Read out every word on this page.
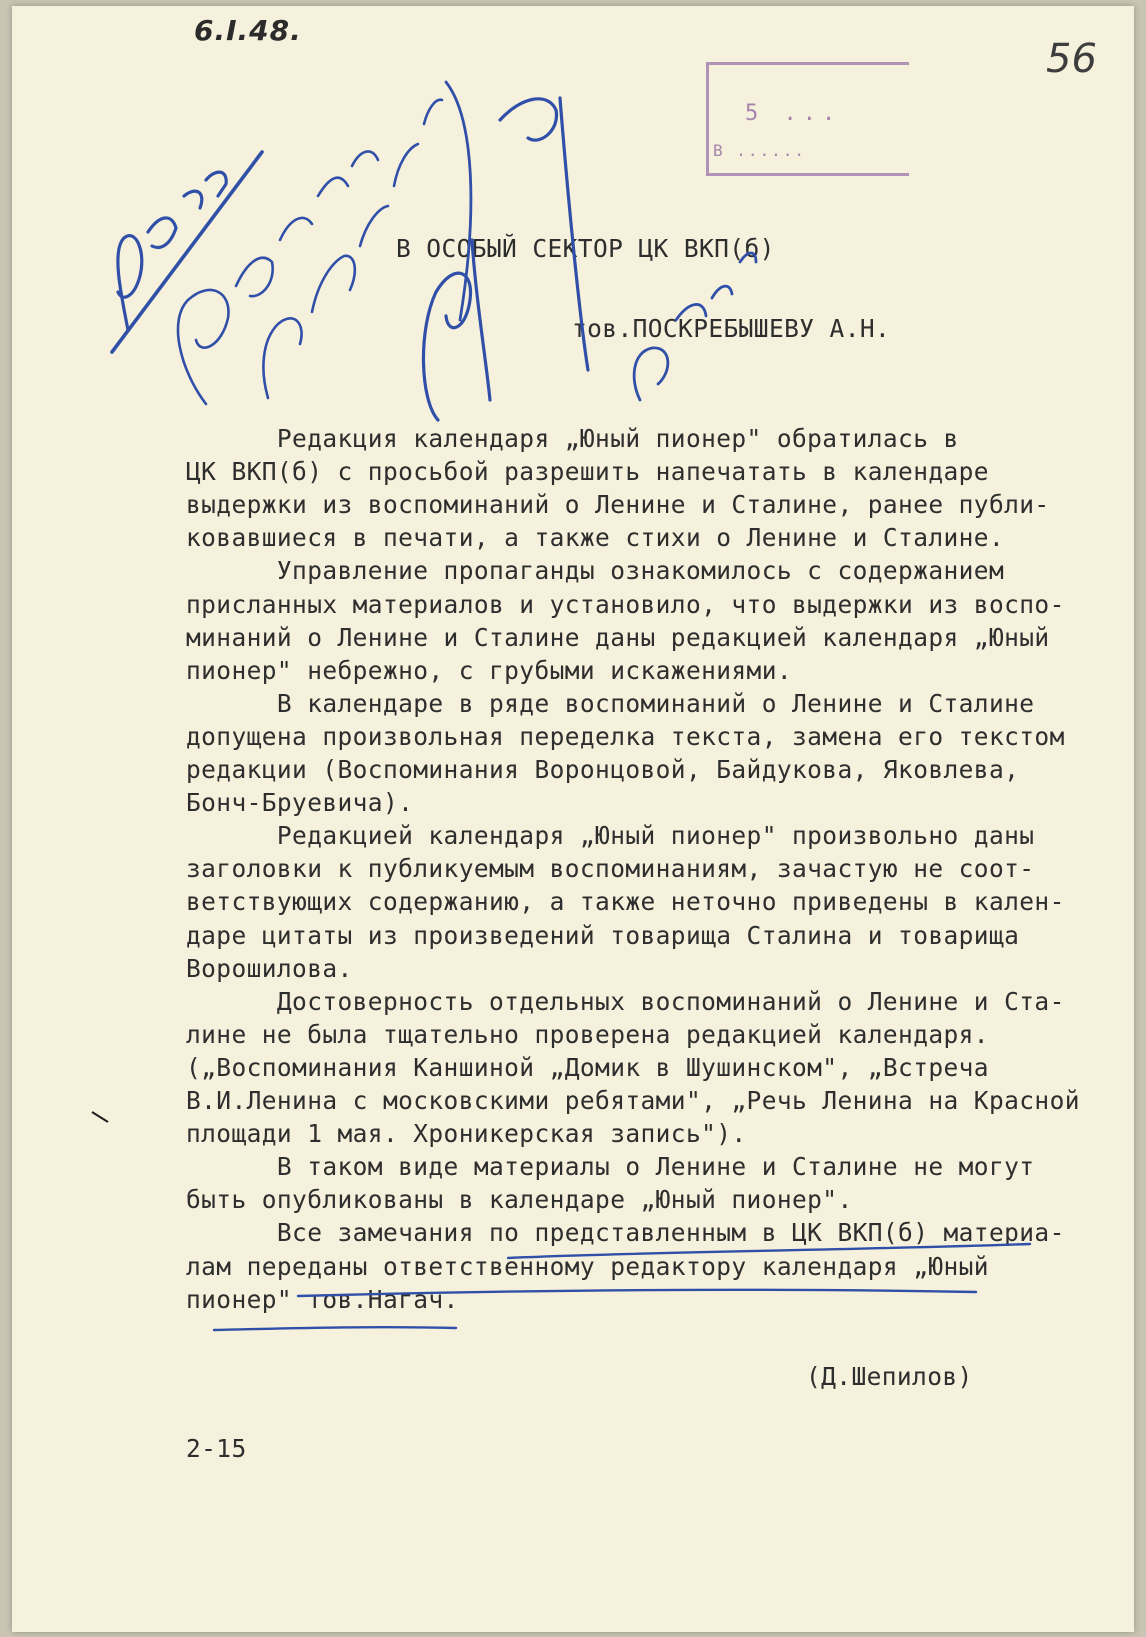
6.I.48.
56
5 ...
В ......
В ОСОБЫЙ СЕКТОР ЦК ВКП(б)
тов.ПОСКРЕБЫШЕВУ А.Н.
Редакция календаря „Юный пионер" обратилась в
ЦК ВКП(б) с просьбой разрешить напечатать в календаре
выдержки из воспоминаний о Ленине и Сталине, ранее публи-
ковавшиеся в печати, а также стихи о Ленине и Сталине.
Управление пропаганды ознакомилось с содержанием
присланных материалов и установило, что выдержки из воспо-
минаний о Ленине и Сталине даны редакцией календаря „Юный
пионер" небрежно, с грубыми искажениями.
В календаре в ряде воспоминаний о Ленине и Сталине
допущена произвольная переделка текста, замена его текстом
редакции (Воспоминания Воронцовой, Байдукова, Яковлева,
Бонч-Бруевича).
Редакцией календаря „Юный пионер" произвольно даны
заголовки к публикуемым воспоминаниям, зачастую не соот-
ветствующих содержанию, а также неточно приведены в кален-
даре цитаты из произведений товарища Сталина и товарища
Ворошилова.
Достоверность отдельных воспоминаний о Ленине и Ста-
лине не была тщательно проверена редакцией календаря.
(„Воспоминания Каншиной „Домик в Шушинском", „Встреча
В.И.Ленина с московскими ребятами", „Речь Ленина на Красной
площади 1 мая. Хроникерская запись").
В таком виде материалы о Ленине и Сталине не могут
быть опубликованы в календаре „Юный пионер".
Все замечания по представленным в ЦК ВКП(б) материа-
лам переданы ответственному редактору календаря „Юный
пионер" тов.Нагач.
(Д.Шепилов)
2-15
